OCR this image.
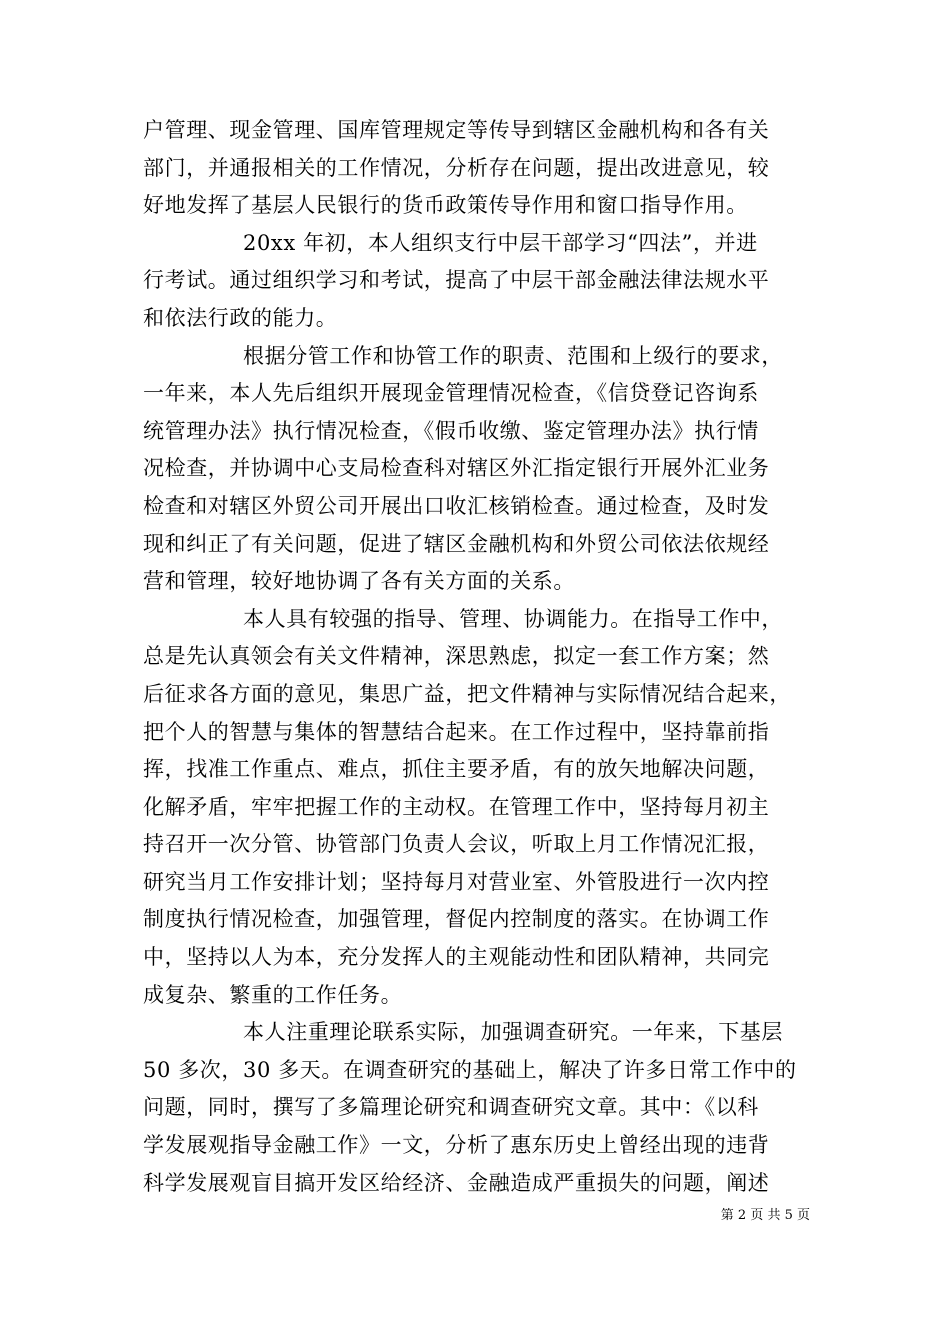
户管理、现金管理、国库管理规定等传导到辖区金融机构和各有关
部门，并通报相关的工作情况，分析存在问题，提出改进意见，较
好地发挥了基层人民银行的货币政策传导作用和窗口指导作用。
20xx 年初，本人组织支行中层干部学习“四法”，并进
行考试。通过组织学习和考试，提高了中层干部金融法律法规水平
和依法行政的能力。
根据分管工作和协管工作的职责、范围和上级行的要求，
一年来，本人先后组织开展现金管理情况检查，《信贷登记咨询系
统管理办法》执行情况检查，《假币收缴、鉴定管理办法》执行情
况检查，并协调中心支局检查科对辖区外汇指定银行开展外汇业务
检查和对辖区外贸公司开展出口收汇核销检查。通过检查，及时发
现和纠正了有关问题，促进了辖区金融机构和外贸公司依法依规经
营和管理，较好地协调了各有关方面的关系。
本人具有较强的指导、管理、协调能力。在指导工作中，
总是先认真领会有关文件精神，深思熟虑，拟定一套工作方案；然
后征求各方面的意见，集思广益，把文件精神与实际情况结合起来，
把个人的智慧与集体的智慧结合起来。在工作过程中，坚持靠前指
挥，找准工作重点、难点，抓住主要矛盾，有的放矢地解决问题，
化解矛盾，牢牢把握工作的主动权。在管理工作中，坚持每月初主
持召开一次分管、协管部门负责人会议，听取上月工作情况汇报，
研究当月工作安排计划；坚持每月对营业室、外管股进行一次内控
制度执行情况检查，加强管理，督促内控制度的落实。在协调工作
中，坚持以人为本，充分发挥人的主观能动性和团队精神，共同完
成复杂、繁重的工作任务。
本人注重理论联系实际，加强调查研究。一年来，下基层
50 多次，30 多天。在调查研究的基础上，解决了许多日常工作中的
问题，同时，撰写了多篇理论研究和调查研究文章。其中：《以科
学发展观指导金融工作》一文，分析了惠东历史上曾经出现的违背
科学发展观盲目搞开发区给经济、金融造成严重损失的问题，阐述
第 2 页 共 5 页
